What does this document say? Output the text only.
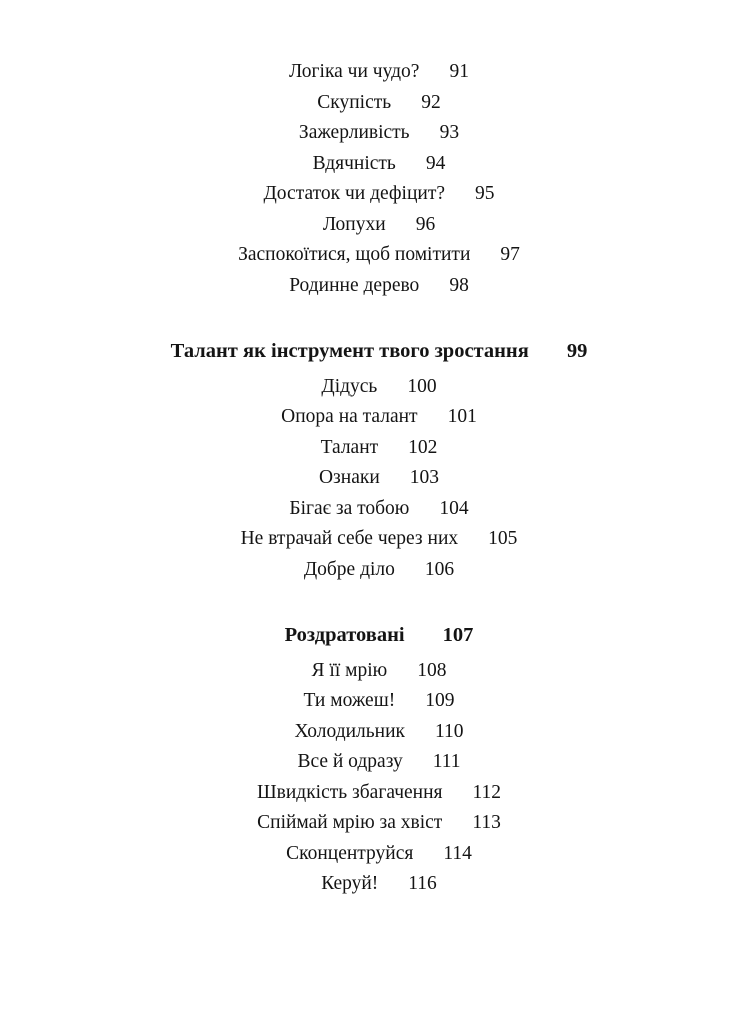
Логіка чи чудо? 91
Скупість 92
Зажерливість 93
Вдячність 94
Достаток чи дефіцит? 95
Лопухи 96
Заспокоїтися, щоб помітити 97
Родинне дерево 98
Талант як інструмент твого зростання 99
Дідусь 100
Опора на талант 101
Талант 102
Ознаки 103
Бігає за тобою 104
Не втрачай себе через них 105
Добре діло 106
Роздратовані 107
Я її мрію 108
Ти можеш! 109
Холодильник 110
Все й одразу 111
Швидкість збагачення 112
Спіймай мрію за хвіст 113
Сконцентруйся 114
Керуй! 116
